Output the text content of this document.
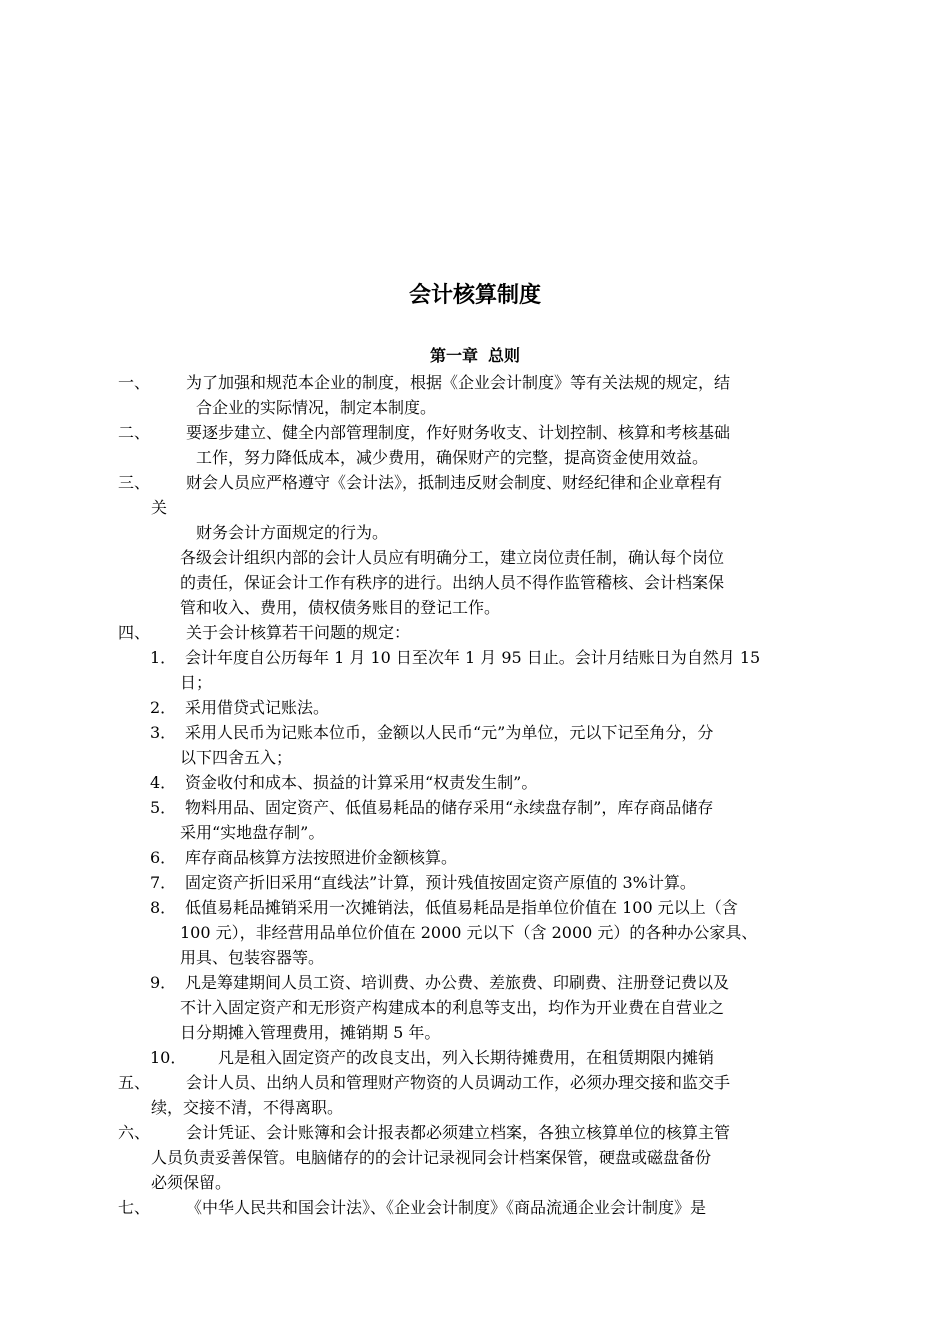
会计核算制度
第一章 总则
一、 为了加强和规范本企业的制度，根据《企业会计制度》等有关法规的规定，结
合企业的实际情况，制定本制度。
二、 要逐步建立、健全内部管理制度，作好财务收支、计划控制、核算和考核基础
工作，努力降低成本，减少费用，确保财产的完整，提高资金使用效益。
三、 财会人员应严格遵守《会计法》，抵制违反财会制度、财经纪律和企业章程有
关
财务会计方面规定的行为。
各级会计组织内部的会计人员应有明确分工，建立岗位责任制，确认每个岗位
的责任，保证会计工作有秩序的进行。出纳人员不得作监管稽核、会计档案保
管和收入、费用，债权债务账目的登记工作。
四、 关于会计核算若干问题的规定：
1． 会计年度自公历每年 1 月 10 日至次年 1 月 95 日止。会计月结账日为自然月 15
日；
2． 采用借贷式记账法。
3． 采用人民币为记账本位币，金额以人民币“元”为单位，元以下记至角分，分
以下四舍五入；
4． 资金收付和成本、损益的计算采用“权责发生制”。
5． 物料用品、固定资产、低值易耗品的储存采用“永续盘存制”，库存商品储存
采用“实地盘存制”。
6． 库存商品核算方法按照进价金额核算。
7． 固定资产折旧采用“直线法”计算，预计残值按固定资产原值的 3%计算。
8． 低值易耗品摊销采用一次摊销法，低值易耗品是指单位价值在 100 元以上（含
100 元），非经营用品单位价值在 2000 元以下（含 2000 元）的各种办公家具、
用具、包装容器等。
9． 凡是筹建期间人员工资、培训费、办公费、差旅费、印刷费、注册登记费以及
不计入固定资产和无形资产构建成本的利息等支出，均作为开业费在自营业之
日分期摊入管理费用，摊销期 5 年。
10． 凡是租入固定资产的改良支出，列入长期待摊费用，在租赁期限内摊销
五、 会计人员、出纳人员和管理财产物资的人员调动工作，必须办理交接和监交手
续，交接不清，不得离职。
六、 会计凭证、会计账簿和会计报表都必须建立档案，各独立核算单位的核算主管
人员负责妥善保管。电脑储存的的会计记录视同会计档案保管，硬盘或磁盘备份
必须保留。
七、 《中华人民共和国会计法》、《企业会计制度》《商品流通企业会计制度》是
